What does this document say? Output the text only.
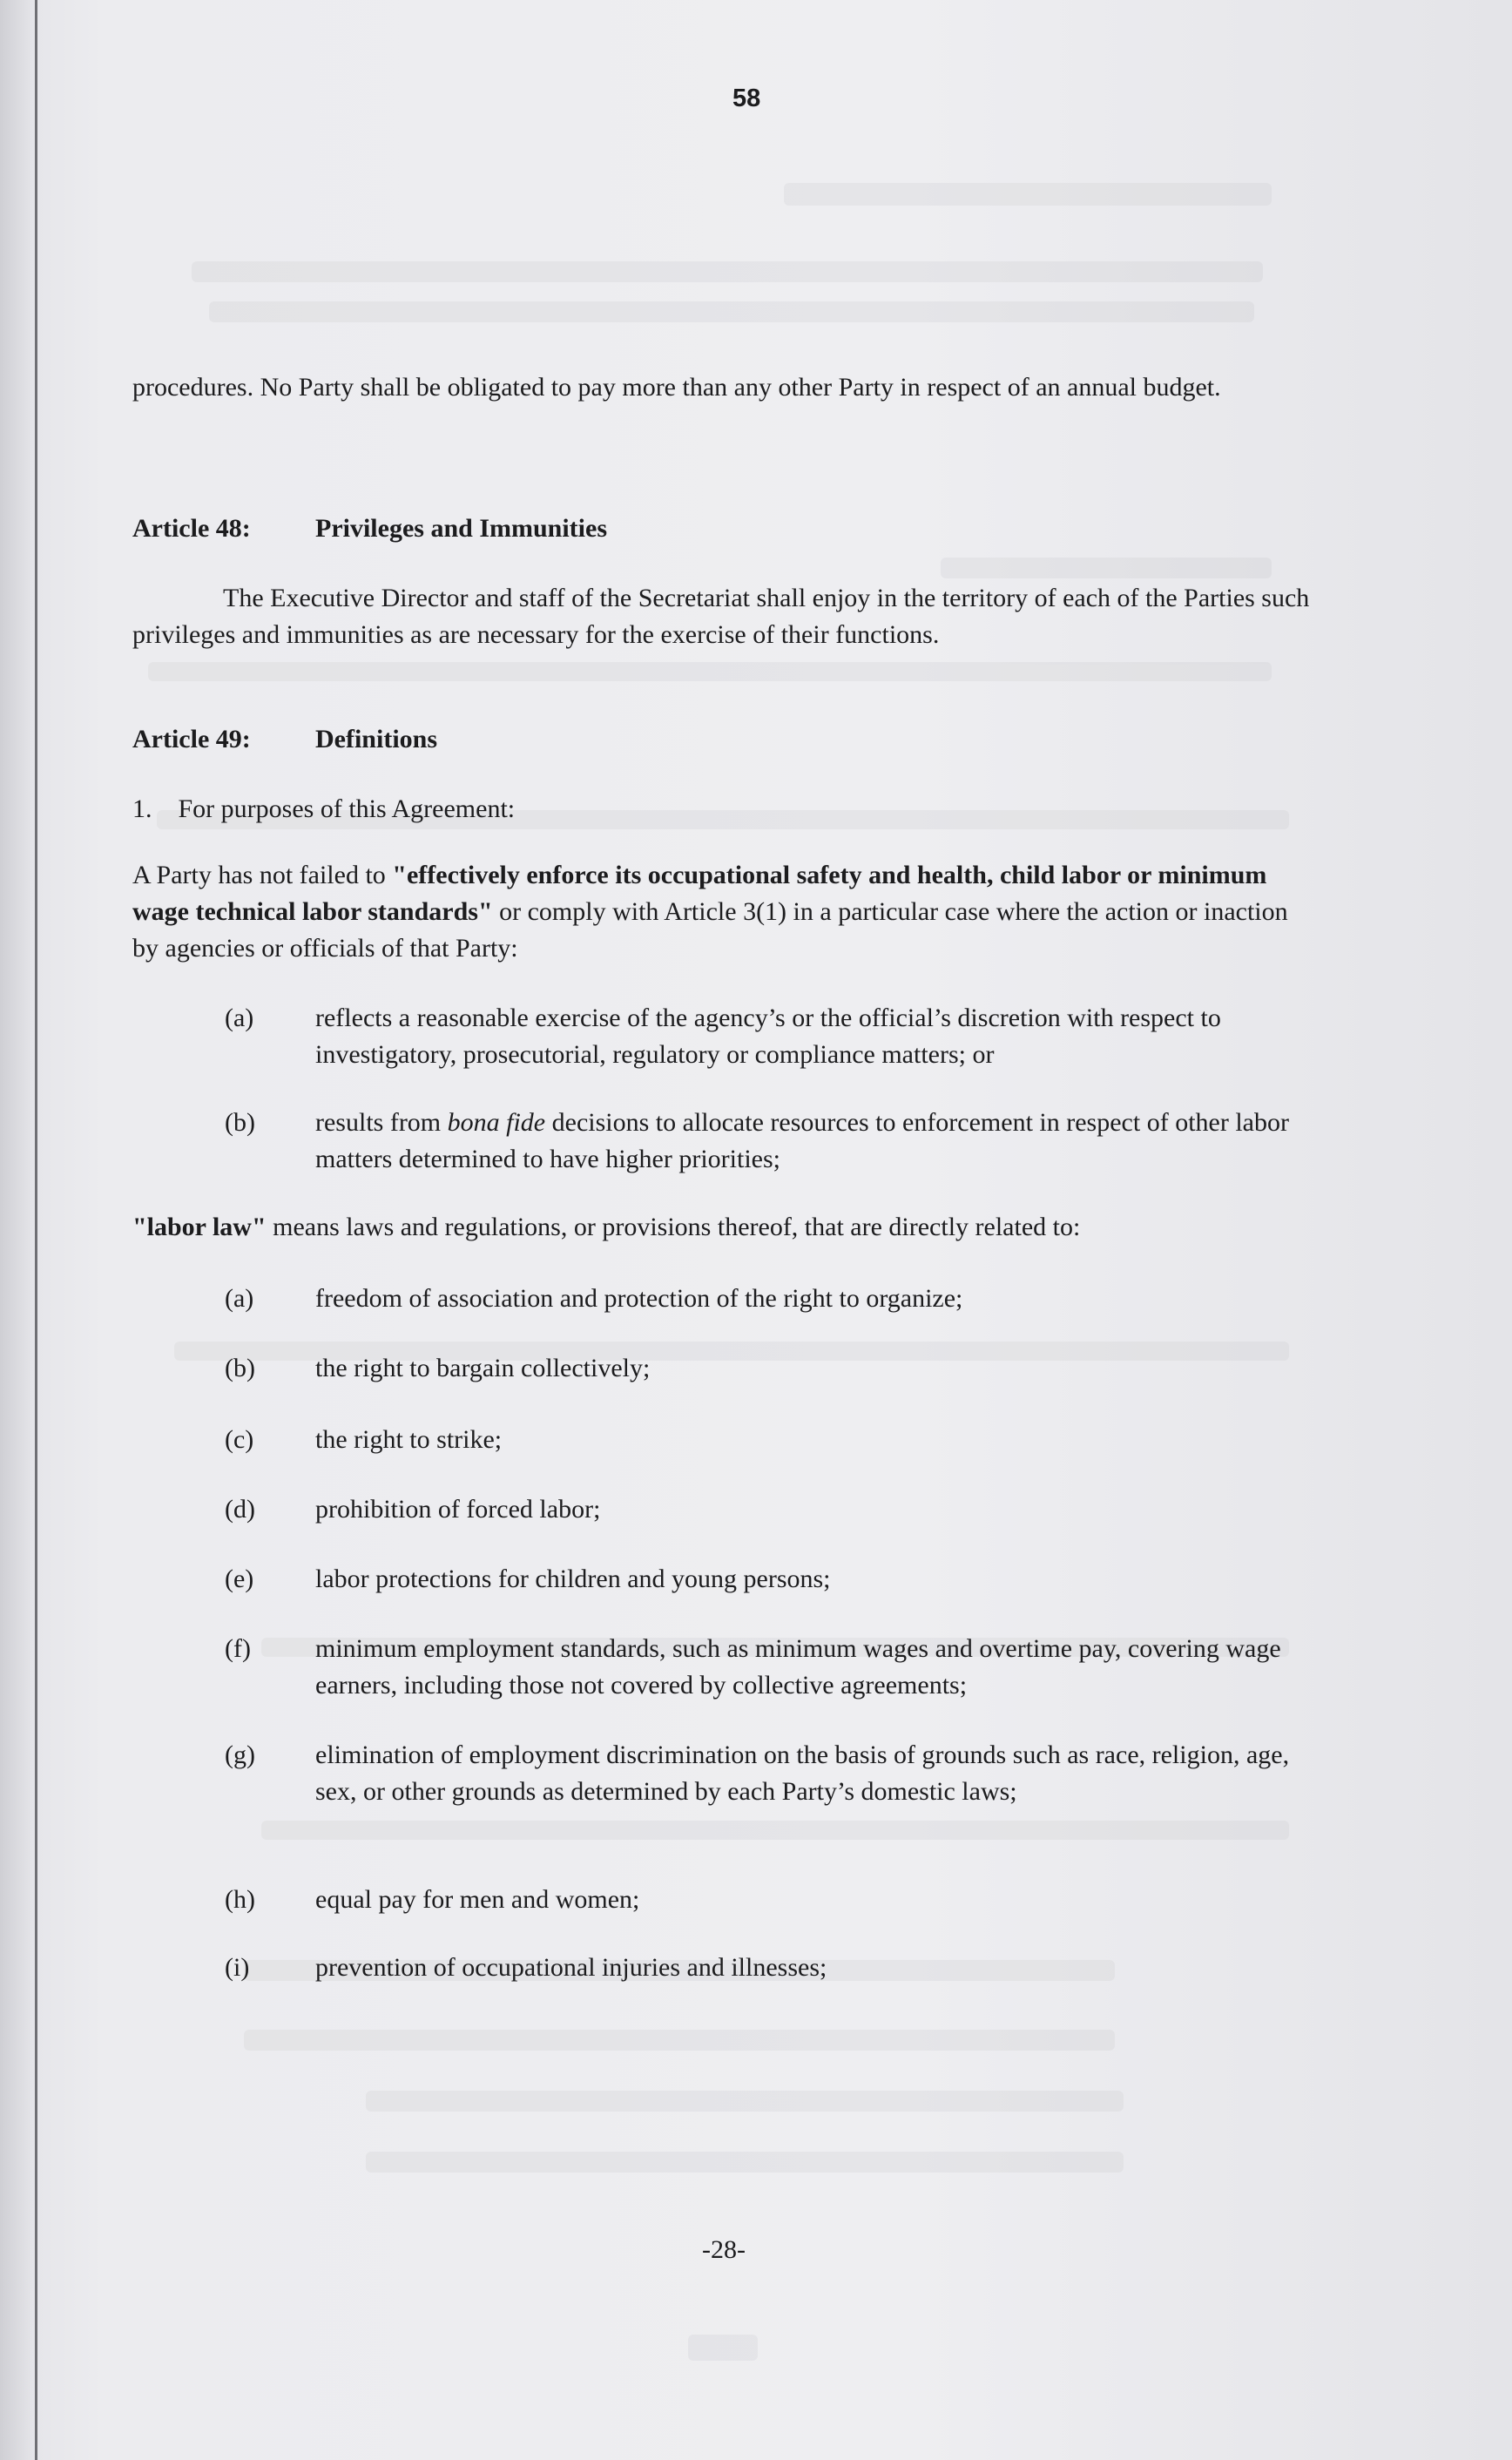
58
procedures. No Party shall be obligated to pay more than any other Party in respect of an annual budget.
Article 48: Privileges and Immunities
The Executive Director and staff of the Secretariat shall enjoy in the territory of each of the Parties such privileges and immunities as are necessary for the exercise of their functions.
Article 49: Definitions
1. For purposes of this Agreement:
A Party has not failed to "effectively enforce its occupational safety and health, child labor or minimum wage technical labor standards" or comply with Article 3(1) in a particular case where the action or inaction by agencies or officials of that Party:
(a) reflects a reasonable exercise of the agency’s or the official’s discretion with respect to investigatory, prosecutorial, regulatory or compliance matters; or
(b) results from bona fide decisions to allocate resources to enforcement in respect of other labor matters determined to have higher priorities;
"labor law" means laws and regulations, or provisions thereof, that are directly related to:
(a) freedom of association and protection of the right to organize;
(b) the right to bargain collectively;
(c) the right to strike;
(d) prohibition of forced labor;
(e) labor protections for children and young persons;
(f) minimum employment standards, such as minimum wages and overtime pay, covering wage earners, including those not covered by collective agreements;
(g) elimination of employment discrimination on the basis of grounds such as race, religion, age, sex, or other grounds as determined by each Party’s domestic laws;
(h) equal pay for men and women;
(i)	prevention of occupational injuries and illnesses;
-28-
